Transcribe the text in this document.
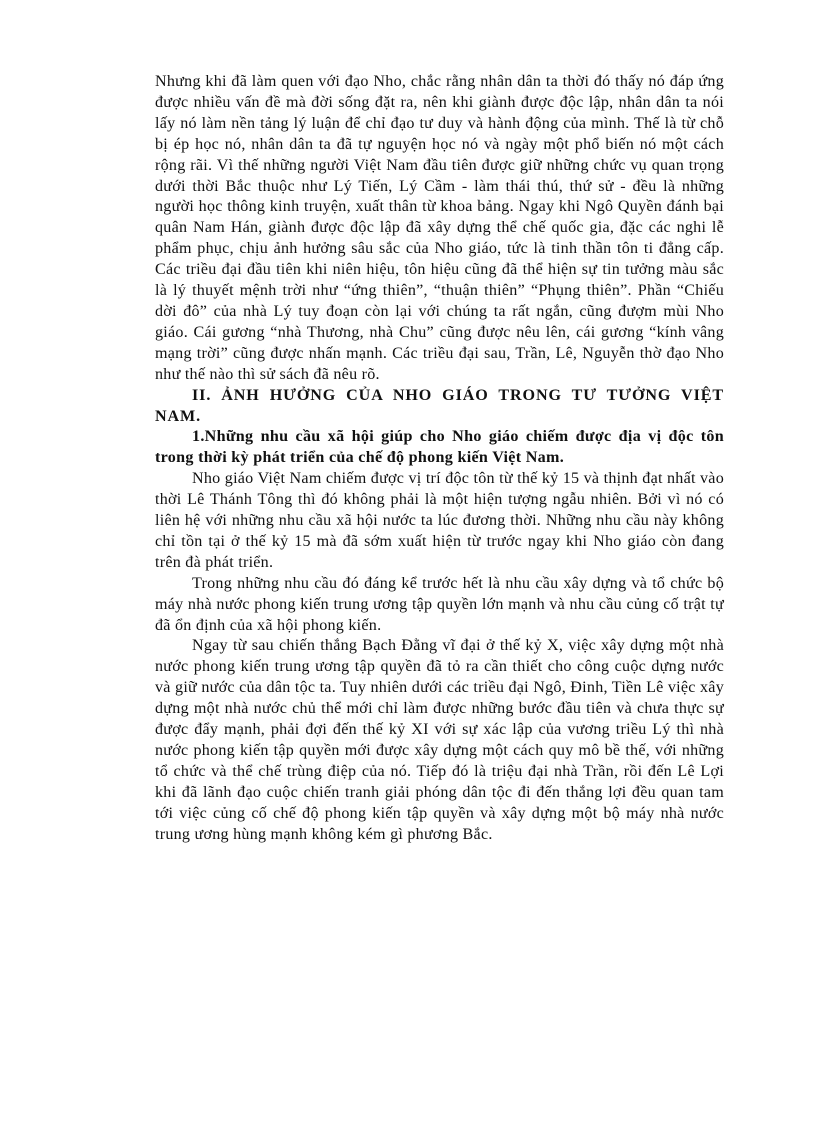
Nhưng khi đã làm quen với đạo Nho, chắc rằng nhân dân ta thời đó thấy nó đáp ứng được nhiều vấn đề mà đời sống đặt ra, nên khi giành được độc lập, nhân dân ta nói lấy nó làm nền tảng lý luận để chỉ đạo tư duy và hành động của mình. Thế là từ chỗ bị ép học nó, nhân dân ta đã tự nguyện học nó và ngày một phổ biến nó một cách rộng rãi. Vì thế những người Việt Nam đầu tiên được giữ những chức vụ quan trọng dưới thời Bắc thuộc như Lý Tiến, Lý Cầm - làm thái thú, thứ sử - đều là những người học thông kinh truyện, xuất thân từ khoa bảng. Ngay khi Ngô Quyền đánh bại quân Nam Hán, giành được độc lập đã xây dựng thể chế quốc gia, đặc các nghi lễ phẩm phục, chịu ảnh hưởng sâu sắc của Nho giáo, tức là tinh thần tôn ti đẳng cấp. Các triều đại đầu tiên khi niên hiệu, tôn hiệu cũng đã thể hiện sự tin tưởng màu sắc là lý thuyết mệnh trời như “ứng thiên”, “thuận thiên” “Phụng thiên”. Phần “Chiếu dời đô” của nhà Lý tuy đoạn còn lại với chúng ta rất ngắn, cũng đượm mùi Nho giáo. Cái gương “nhà Thương, nhà Chu” cũng được nêu lên, cái gương “kính vâng mạng trời” cũng được nhấn mạnh. Các triều đại sau, Trần, Lê, Nguyễn thờ đạo Nho như thế nào thì sử sách đã nêu rõ.

II. ẢNH HƯỞNG CỦA NHO GIÁO TRONG TƯ TƯỞNG VIỆT NAM.

1.Những nhu cầu xã hội giúp cho Nho giáo chiếm được địa vị độc tôn trong thời kỳ phát triển của chế độ phong kiến Việt Nam.

Nho giáo Việt Nam chiếm được vị trí độc tôn từ thế kỷ 15 và thịnh đạt nhất vào thời Lê Thánh Tông thì đó không phải là một hiện tượng ngẫu nhiên. Bởi vì nó có liên hệ với những nhu cầu xã hội nước ta lúc đương thời. Những nhu cầu này không chỉ tồn tại ở thế kỷ 15 mà đã sớm xuất hiện từ trước ngay khi Nho giáo còn đang trên đà phát triển.

Trong những nhu cầu đó đáng kể trước hết là nhu cầu xây dựng và tổ chức bộ máy nhà nước phong kiến trung ương tập quyền lớn mạnh và nhu cầu củng cố trật tự đã ổn định của xã hội phong kiến.

Ngay từ sau chiến thắng Bạch Đằng vĩ đại ở thế kỷ X, việc xây dựng một nhà nước phong kiến trung ương tập quyền đã tỏ ra cần thiết cho công cuộc dựng nước và giữ nước của dân tộc ta. Tuy nhiên dưới các triều đại Ngô, Đinh, Tiền Lê việc xây dựng một nhà nước chủ thể mới chỉ làm được những bước đầu tiên và chưa thực sự được đẩy mạnh, phải đợi đến thế kỷ XI với sự xác lập của vương triều Lý thì nhà nước phong kiến tập quyền mới được xây dựng một cách quy mô bề thế, với những tổ chức và thể chế trùng điệp của nó. Tiếp đó là triệu đại nhà Trần, rồi đến Lê Lợi khi đã lãnh đạo cuộc chiến tranh giải phóng dân tộc đi đến thắng lợi đều quan tam tới việc củng cố chế độ phong kiến tập quyền và xây dựng một bộ máy nhà nước trung ương hùng mạnh không kém gì phương Bắc.
